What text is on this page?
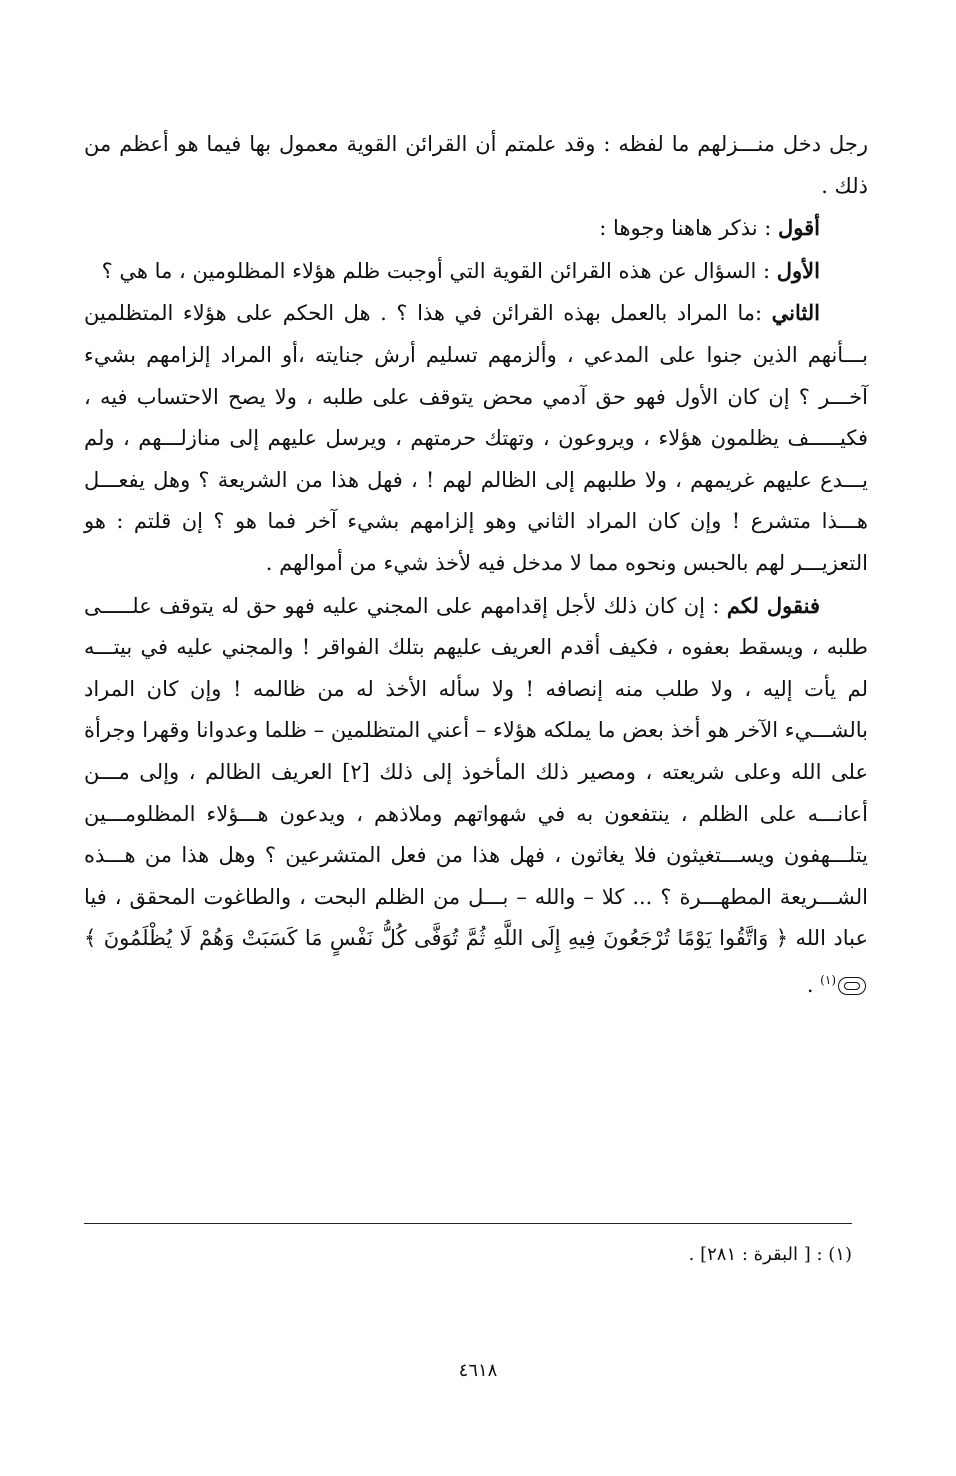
رجل دخل منـــزلهم ما لفظه : وقد علمتم أن القرائن القوية معمول بها فيما هو أعظم من ذلك .

أقول : نذكر هاهنا وجوها :

الأول : السؤال عن هذه القرائن القوية التي أوجبت ظلم هؤلاء المظلومين ، ما هي ؟

الثاني :ما المراد بالعمل بهذه القرائن في هذا ؟ . هل الحكم على هؤلاء المتظلمين بـــأنهم الذين جنوا على المدعي ، وألزمهم تسليم أرش جنايته ،أو المراد إلزامهم بشيء آخـــر ؟ إن كان الأول فهو حق آدمي محض يتوقف على طلبه ، ولا يصح الاحتساب فيه ، فكيـــــف يظلمون هؤلاء ، ويروعون ، وتهتك حرمتهم ، ويرسل عليهم إلى منازلـــهم ، ولم يـــدع عليهم غريمهم ، ولا طلبهم إلى الظالم لهم ! ، فهل هذا من الشريعة ؟ وهل يفعـــل هـــذا متشرع ! وإن كان المراد الثاني وهو إلزامهم بشيء آخر فما هو ؟ إن قلتم : هو التعزيـــر لهم بالحبس ونحوه مما لا مدخل فيه لأخذ شيء من أموالهم .

فنقول لكم : إن كان ذلك لأجل إقدامهم على المجني عليه فهو حق له يتوقف علـــــى طلبه ، ويسقط بعفوه ، فكيف أقدم العريف عليهم بتلك الفواقر ! والمجني عليه في بيتـــه لم يأت إليه ، ولا طلب منه إنصافه ! ولا سأله الأخذ له من ظالمه ! وإن كان المراد بالشـــيء الآخر هو أخذ بعض ما يملكه هؤلاء – أعني المتظلمين – ظلما وعدوانا وقهرا وجرأة على الله وعلى شريعته ، ومصير ذلك المأخوذ إلى ذلك [٢] العريف الظالم ، وإلى مـــن أعانـــه على الظلم ، ينتفعون به في شهواتهم وملاذهم ، ويدعون هـــؤلاء المظلومـــين يتلـــهفون ويســـتغيثون فلا يغاثون ، فهل هذا من فعل المتشرعين ؟ وهل هذا من هـــذه الشـــريعة المطهـــرة ؟ ... كلا – والله – بـــل من الظلم البحت ، والطاغوت المحقق ، فيا عباد الله ﴿ وَاتَّقُوا يَوْمًا تُرْجَعُونَ فِيهِ إِلَى اللَّهِ ثُمَّ تُوَفَّى كُلُّ نَفْسٍ مَا كَسَبَتْ وَهُمْ لَا يُظْلَمُونَ ﴾$^{(١)}$ .

(١) : [ البقرة : ٢٨١] .
٤٦١٨
